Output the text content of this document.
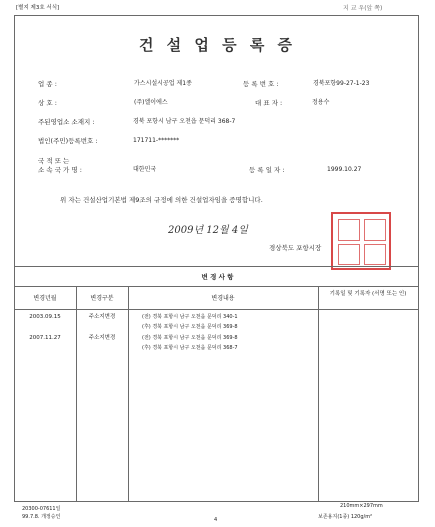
[별지 제3호 서식]	지 교 우(앞 쪽)
건 설 업 등 록 증
업 종 :	가스시설시공업 제1종	등 록 번 호 :	경북포항99-27-1-23
상 호 :	(주)엘이에스	대 표 자 :	정용수
주된영업소 소재지 :	경북 포항시 남구 오천읍 문덕리 368-7
법인(주민)등록번호 :	171711-*******
국 적 또 는
소 속 국 가 명 :	대한민국	등 록 일 자 :	1999.10.27
위 자는 건설산업기본법 제9조의 규정에 의한 건설업자임을 증명합니다.
2009년 12월 4일
경상북도 포항시장
변 경 사 항
변경년월	변경구분	변경내용
기록일 및 기록자 (서명 또는 인)
2003.09.15	주소지변경	(전) 경북 포항시 남구 오천읍 문덕리 340-1
(후) 경북 포항시 남구 오천읍 문덕리 369-8
2007.11.27	주소지변경	(전) 경북 포항시 남구 오천읍 문덕리 369-8
(후) 경북 포항시 남구 오천읍 문덕리 368-7
20300-07611일
99.7.8. 개정승인
210mm×297mm
보존용지(1종) 120g/m²
4
